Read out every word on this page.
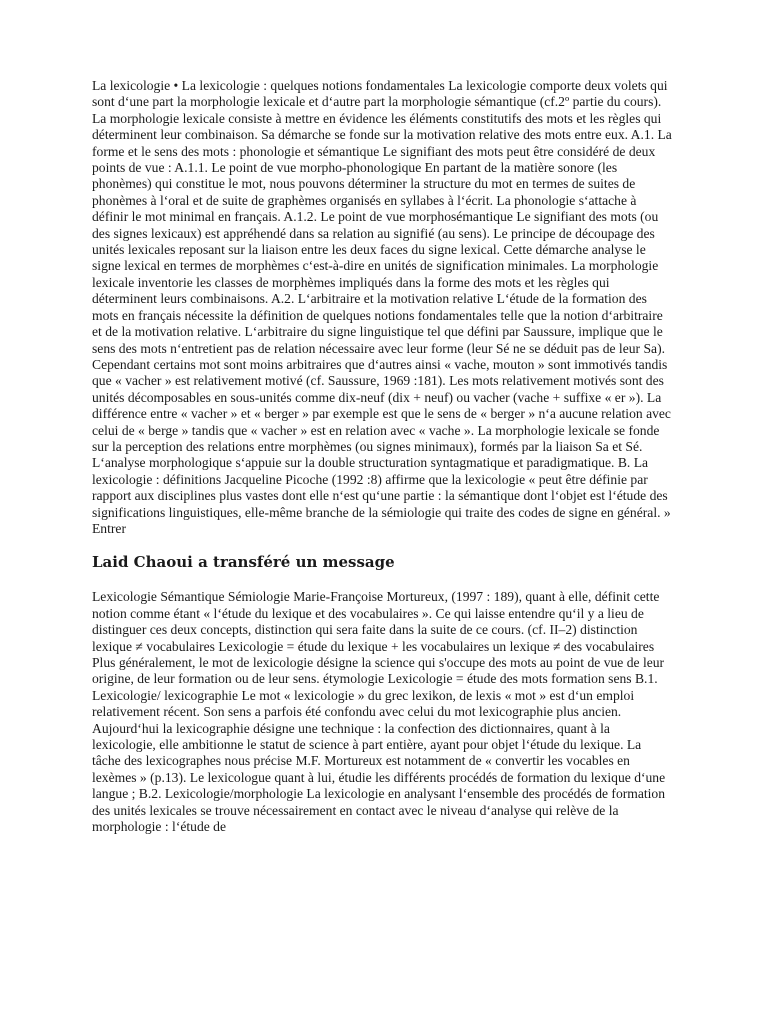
La lexicologie • La lexicologie : quelques notions fondamentales La lexicologie comporte deux volets qui sont d‘une part la morphologie lexicale et d‘autre part la morphologie sémantique (cf.2º partie du cours). La morphologie lexicale consiste à mettre en évidence les éléments constitutifs des mots et les règles qui déterminent leur combinaison. Sa démarche se fonde sur la motivation relative des mots entre eux. A.1. La forme et le sens des mots : phonologie et sémantique Le signifiant des mots peut être considéré de deux points de vue : A.1.1. Le point de vue morpho-phonologique En partant de la matière sonore (les phonèmes) qui constitue le mot, nous pouvons déterminer la structure du mot en termes de suites de phonèmes à l‘oral et de suite de graphèmes organisés en syllabes à l‘écrit. La phonologie s‘attache à définir le mot minimal en français. A.1.2. Le point de vue morphosémantique Le signifiant des mots (ou des signes lexicaux) est appréhendé dans sa relation au signifié (au sens). Le principe de découpage des unités lexicales reposant sur la liaison entre les deux faces du signe lexical. Cette démarche analyse le signe lexical en termes de morphèmes c‘est-à-dire en unités de signification minimales. La morphologie lexicale inventorie les classes de morphèmes impliqués dans la forme des mots et les règles qui déterminent leurs combinaisons. A.2. L‘arbitraire et la motivation relative L‘étude de la formation des mots en français nécessite la définition de quelques notions fondamentales telle que la notion d‘arbitraire et de la motivation relative. L‘arbitraire du signe linguistique tel que défini par Saussure, implique que le sens des mots n‘entretient pas de relation nécessaire avec leur forme (leur Sé ne se déduit pas de leur Sa). Cependant certains mot sont moins arbitraires que d‘autres ainsi « vache, mouton » sont immotivés tandis que « vacher » est relativement motivé (cf. Saussure, 1969 :181). Les mots relativement motivés sont des unités décomposables en sous-unités comme dix-neuf (dix + neuf) ou vacher (vache + suffixe « er »). La différence entre « vacher » et « berger » par exemple est que le sens de « berger » n‘a aucune relation avec celui de « berge » tandis que « vacher » est en relation avec « vache ». La morphologie lexicale se fonde sur la perception des relations entre morphèmes (ou signes minimaux), formés par la liaison Sa et Sé. L‘analyse morphologique s‘appuie sur la double structuration syntagmatique et paradigmatique. B. La lexicologie : définitions Jacqueline Picoche (1992 :8) affirme que la lexicologie « peut être définie par rapport aux disciplines plus vastes dont elle n‘est qu‘une partie : la sémantique dont l‘objet est l‘étude des significations linguistiques, elle-même branche de la sémiologie qui traite des codes de signe en général. »

Entrer

Laid Chaoui a transféré un message

Lexicologie Sémantique Sémiologie Marie-Françoise Mortureux, (1997 : 189), quant à elle, définit cette notion comme étant « l‘étude du lexique et des vocabulaires ». Ce qui laisse entendre qu‘il y a lieu de distinguer ces deux concepts, distinction qui sera faite dans la suite de ce cours. (cf. II–2) distinction lexique ≠ vocabulaires Lexicologie = étude du lexique + les vocabulaires un lexique ≠ des vocabulaires Plus généralement, le mot de lexicologie désigne la science qui s'occupe des mots au point de vue de leur origine, de leur formation ou de leur sens. étymologie Lexicologie = étude des mots formation sens B.1. Lexicologie/ lexicographie Le mot « lexicologie » du grec lexikon, de lexis « mot » est d‘un emploi relativement récent. Son sens a parfois été confondu avec celui du mot lexicographie plus ancien. Aujourd‘hui la lexicographie désigne une technique : la confection des dictionnaires, quant à la lexicologie, elle ambitionne le statut de science à part entière, ayant pour objet l‘étude du lexique. La tâche des lexicographes nous précise M.F. Mortureux est notamment de « convertir les vocables en lexèmes » (p.13). Le lexicologue quant à lui, étudie les différents procédés de formation du lexique d‘une langue ; B.2. Lexicologie/morphologie La lexicologie en analysant l‘ensemble des procédés de formation des unités lexicales se trouve nécessairement en contact avec le niveau d‘analyse qui relève de la morphologie : l‘étude de
